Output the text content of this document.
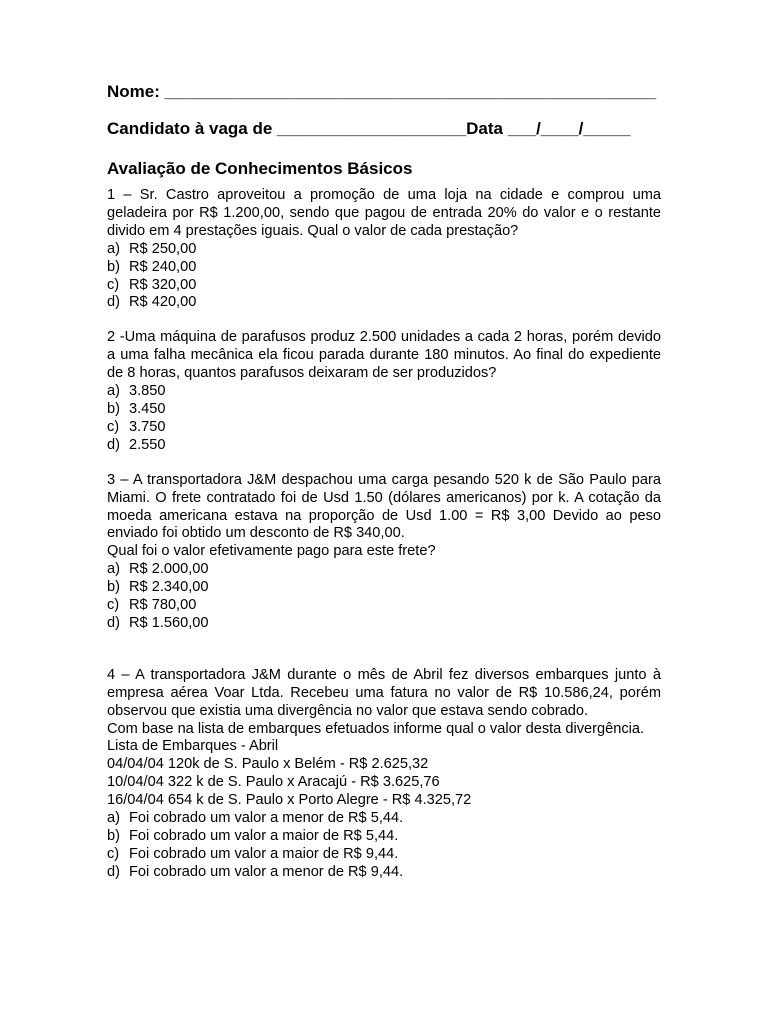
Nome: ____________________________________________________
Candidato à vaga de ____________________Data ___/____/_____
Avaliação de Conhecimentos Básicos
1 – Sr. Castro aproveitou a promoção de uma loja na cidade e comprou uma geladeira por R$ 1.200,00, sendo que pagou de entrada 20% do valor e o restante divido em 4 prestações iguais. Qual o valor de cada prestação?
a) R$ 250,00
b) R$ 240,00
c) R$ 320,00
d) R$ 420,00
2 -Uma máquina de parafusos produz 2.500 unidades a cada 2 horas, porém devido a uma falha mecânica ela ficou parada durante 180 minutos. Ao final do expediente de 8 horas, quantos parafusos deixaram de ser produzidos?
a) 3.850
b) 3.450
c) 3.750
d) 2.550
3 – A transportadora J&M despachou uma carga pesando 520 k de São Paulo para Miami. O frete contratado foi de Usd 1.50 (dólares americanos) por k. A cotação da moeda americana estava na proporção de Usd 1.00 = R$ 3,00 Devido ao peso enviado foi obtido um desconto de R$ 340,00.
Qual foi o valor efetivamente pago para este frete?
a) R$ 2.000,00
b) R$ 2.340,00
c) R$ 780,00
d) R$ 1.560,00
4 – A transportadora J&M durante o mês de Abril fez diversos embarques junto à empresa aérea Voar Ltda. Recebeu uma fatura no valor de R$ 10.586,24, porém observou que existia uma divergência no valor que estava sendo cobrado.
Com base na lista de embarques efetuados informe qual o valor desta divergência.
Lista de Embarques - Abril
04/04/04 120k de S. Paulo x Belém - R$ 2.625,32
10/04/04 322 k de S. Paulo x Aracajú - R$ 3.625,76
16/04/04 654 k de S. Paulo x Porto Alegre - R$ 4.325,72
a) Foi cobrado um valor a menor de R$ 5,44.
b) Foi cobrado um valor a maior de R$ 5,44.
c) Foi cobrado um valor a maior de R$ 9,44.
d) Foi cobrado um valor a menor de R$ 9,44.
